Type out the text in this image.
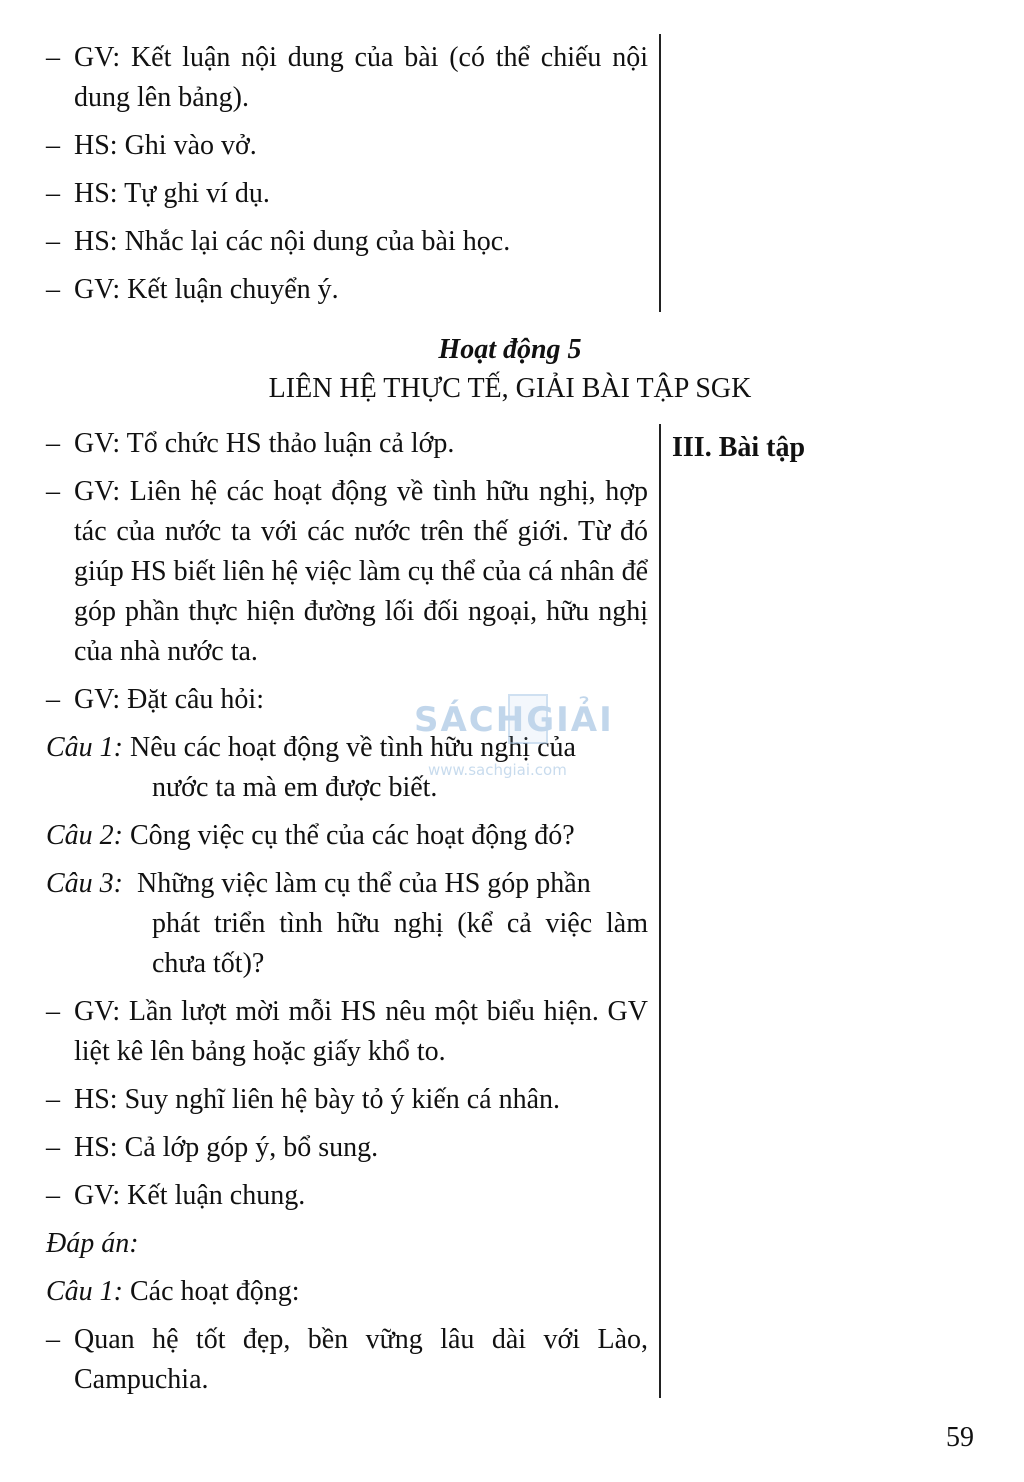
– GV: Kết luận nội dung của bài (có thể chiếu nội dung lên bảng).
– HS: Ghi vào vở.
– HS: Tự ghi ví dụ.
– HS: Nhắc lại các nội dung của bài học.
– GV: Kết luận chuyển ý.
Hoạt động 5
LIÊN HỆ THỰC TẾ, GIẢI BÀI TẬP SGK
III. Bài tập
– GV: Tổ chức HS thảo luận cả lớp.
– GV: Liên hệ các hoạt động về tình hữu nghị, hợp tác của nước ta với các nước trên thế giới. Từ đó giúp HS biết liên hệ việc làm cụ thể của cá nhân để góp phần thực hiện đường lối đối ngoại, hữu nghị của nhà nước ta.
– GV: Đặt câu hỏi:
Câu 1: Nêu các hoạt động về tình hữu nghị của
nước ta mà em được biết.
Câu 2: Công việc cụ thể của các hoạt động đó?
Câu 3: Những việc làm cụ thể của HS góp phần
phát triển tình hữu nghị (kể cả việc làm chưa tốt)?
– GV: Lần lượt mời mỗi HS nêu một biểu hiện. GV liệt kê lên bảng hoặc giấy khổ to.
– HS: Suy nghĩ liên hệ bày tỏ ý kiến cá nhân.
– HS: Cả lớp góp ý, bổ sung.
– GV: Kết luận chung.
Đáp án:
Câu 1: Các hoạt động:
– Quan hệ tốt đẹp, bền vững lâu dài với Lào, Campuchia.
SÁCHGIẢI
www.sachgiai.com
59
